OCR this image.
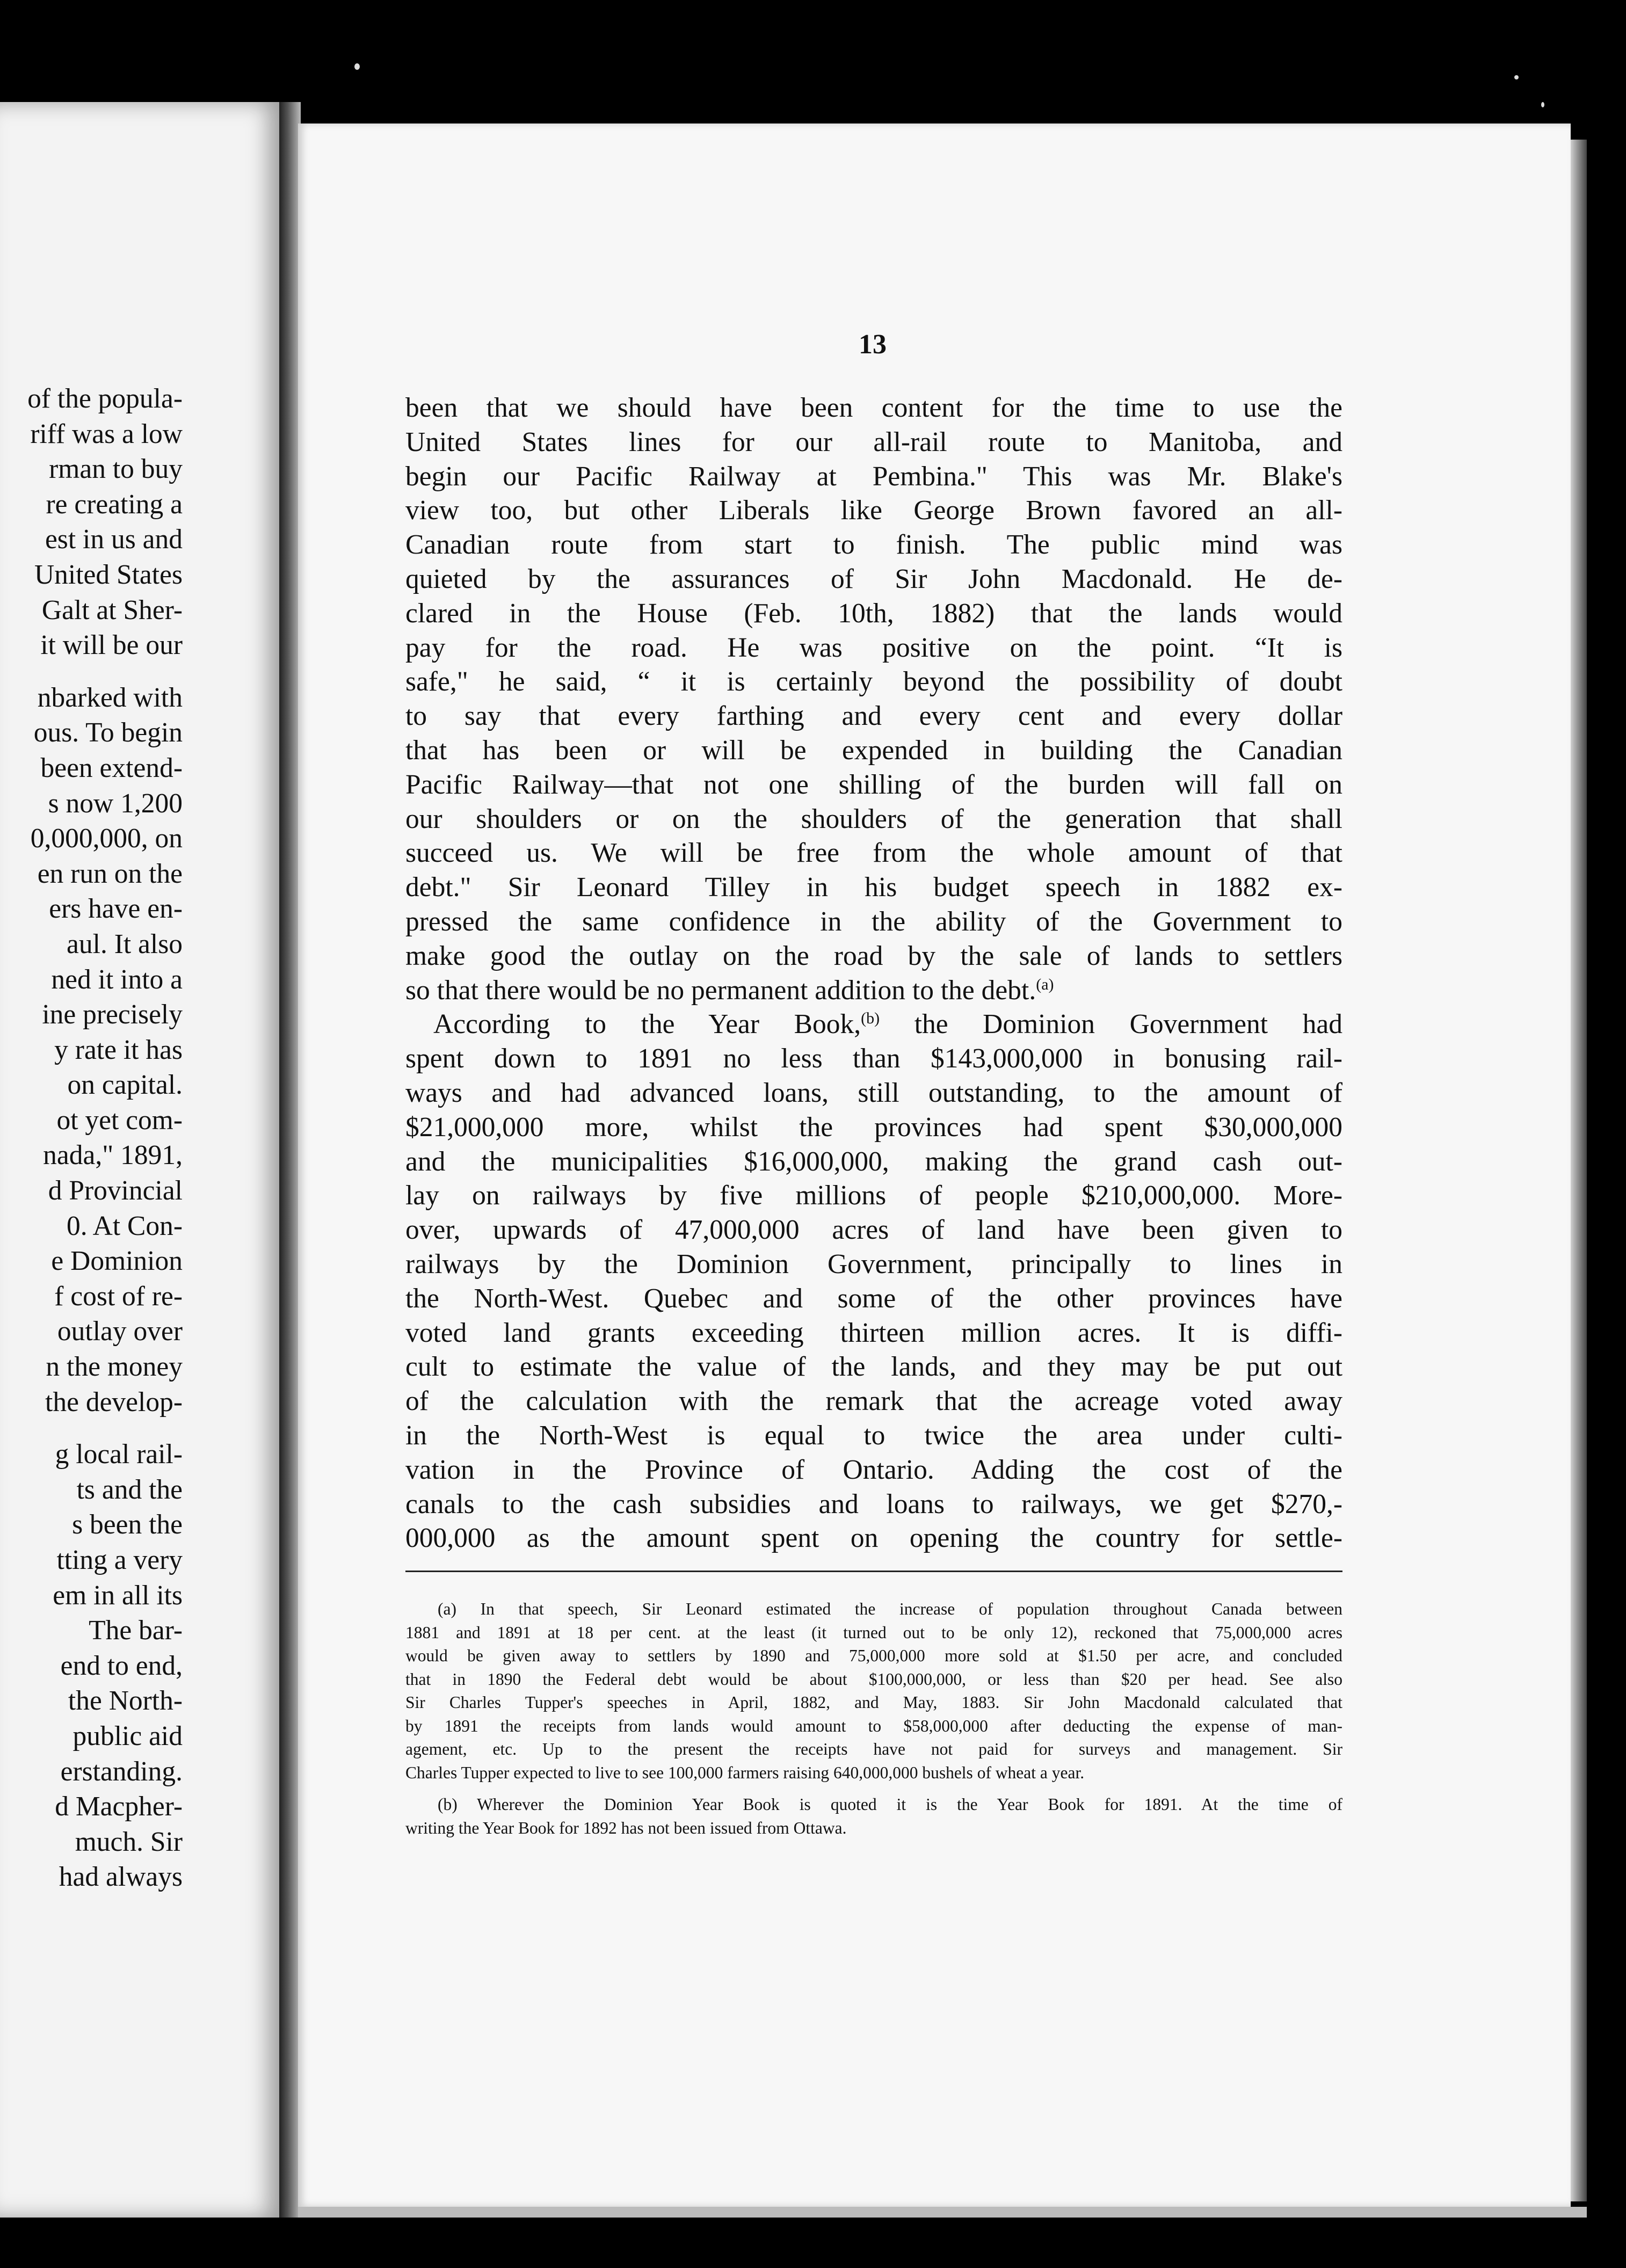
of the popula-
riff was a low
rman to buy
re creating a
est in us and
United States
Galt at Sher-
it will be our
nbarked with
ous. To begin
been extend-
s now 1,200
0,000,000, on
en run on the
ers have en-
aul. It also
ned it into a
ine precisely
y rate it has
on capital.
ot yet com-
nada," 1891,
d Provincial
0. At Con-
e Dominion
f cost of re-
outlay over
n the money
the develop-
g local rail-
ts and the
s been the
tting a very
em in all its
The bar-
end to end,
the North-
public aid
erstanding.
d Macpher-
much. Sir
had always
13
been that we should have been content for the time to use the
United States lines for our all-rail route to Manitoba, and
begin our Pacific Railway at Pembina." This was Mr. Blake's
view too, but other Liberals like George Brown favored an all-
Canadian route from start to finish. The public mind was
quieted by the assurances of Sir John Macdonald. He de-
clared in the House (Feb. 10th, 1882) that the lands would
pay for the road. He was positive on the point. “It is
safe," he said, “ it is certainly beyond the possibility of doubt
to say that every farthing and every cent and every dollar
that has been or will be expended in building the Canadian
Pacific Railway—that not one shilling of the burden will fall on
our shoulders or on the shoulders of the generation that shall
succeed us. We will be free from the whole amount of that
debt." Sir Leonard Tilley in his budget speech in 1882 ex-
pressed the same confidence in the ability of the Government to
make good the outlay on the road by the sale of lands to settlers
so that there would be no permanent addition to the debt.$^{(a)}$
According to the Year Book,$^{(b)}$ the Dominion Government had
spent down to 1891 no less than $143,000,000 in bonusing rail-
ways and had advanced loans, still outstanding, to the amount of
$21,000,000 more, whilst the provinces had spent $30,000,000
and the municipalities $16,000,000, making the grand cash out-
lay on railways by five millions of people $210,000,000. More-
over, upwards of 47,000,000 acres of land have been given to
railways by the Dominion Government, principally to lines in
the North-West. Quebec and some of the other provinces have
voted land grants exceeding thirteen million acres. It is diffi-
cult to estimate the value of the lands, and they may be put out
of the calculation with the remark that the acreage voted away
in the North-West is equal to twice the area under culti-
vation in the Province of Ontario. Adding the cost of the
canals to the cash subsidies and loans to railways, we get $270,-
000,000 as the amount spent on opening the country for settle-
(a) In that speech, Sir Leonard estimated the increase of population throughout Canada between
1881 and 1891 at 18 per cent. at the least (it turned out to be only 12), reckoned that 75,000,000 acres
would be given away to settlers by 1890 and 75,000,000 more sold at $1.50 per acre, and concluded
that in 1890 the Federal debt would be about $100,000,000, or less than $20 per head. See also
Sir Charles Tupper's speeches in April, 1882, and May, 1883. Sir John Macdonald calculated that
by 1891 the receipts from lands would amount to $58,000,000 after deducting the expense of man-
agement, etc. Up to the present the receipts have not paid for surveys and management. Sir
Charles Tupper expected to live to see 100,000 farmers raising 640,000,000 bushels of wheat a year.
(b) Wherever the Dominion Year Book is quoted it is the Year Book for 1891. At the time of
writing the Year Book for 1892 has not been issued from Ottawa.
